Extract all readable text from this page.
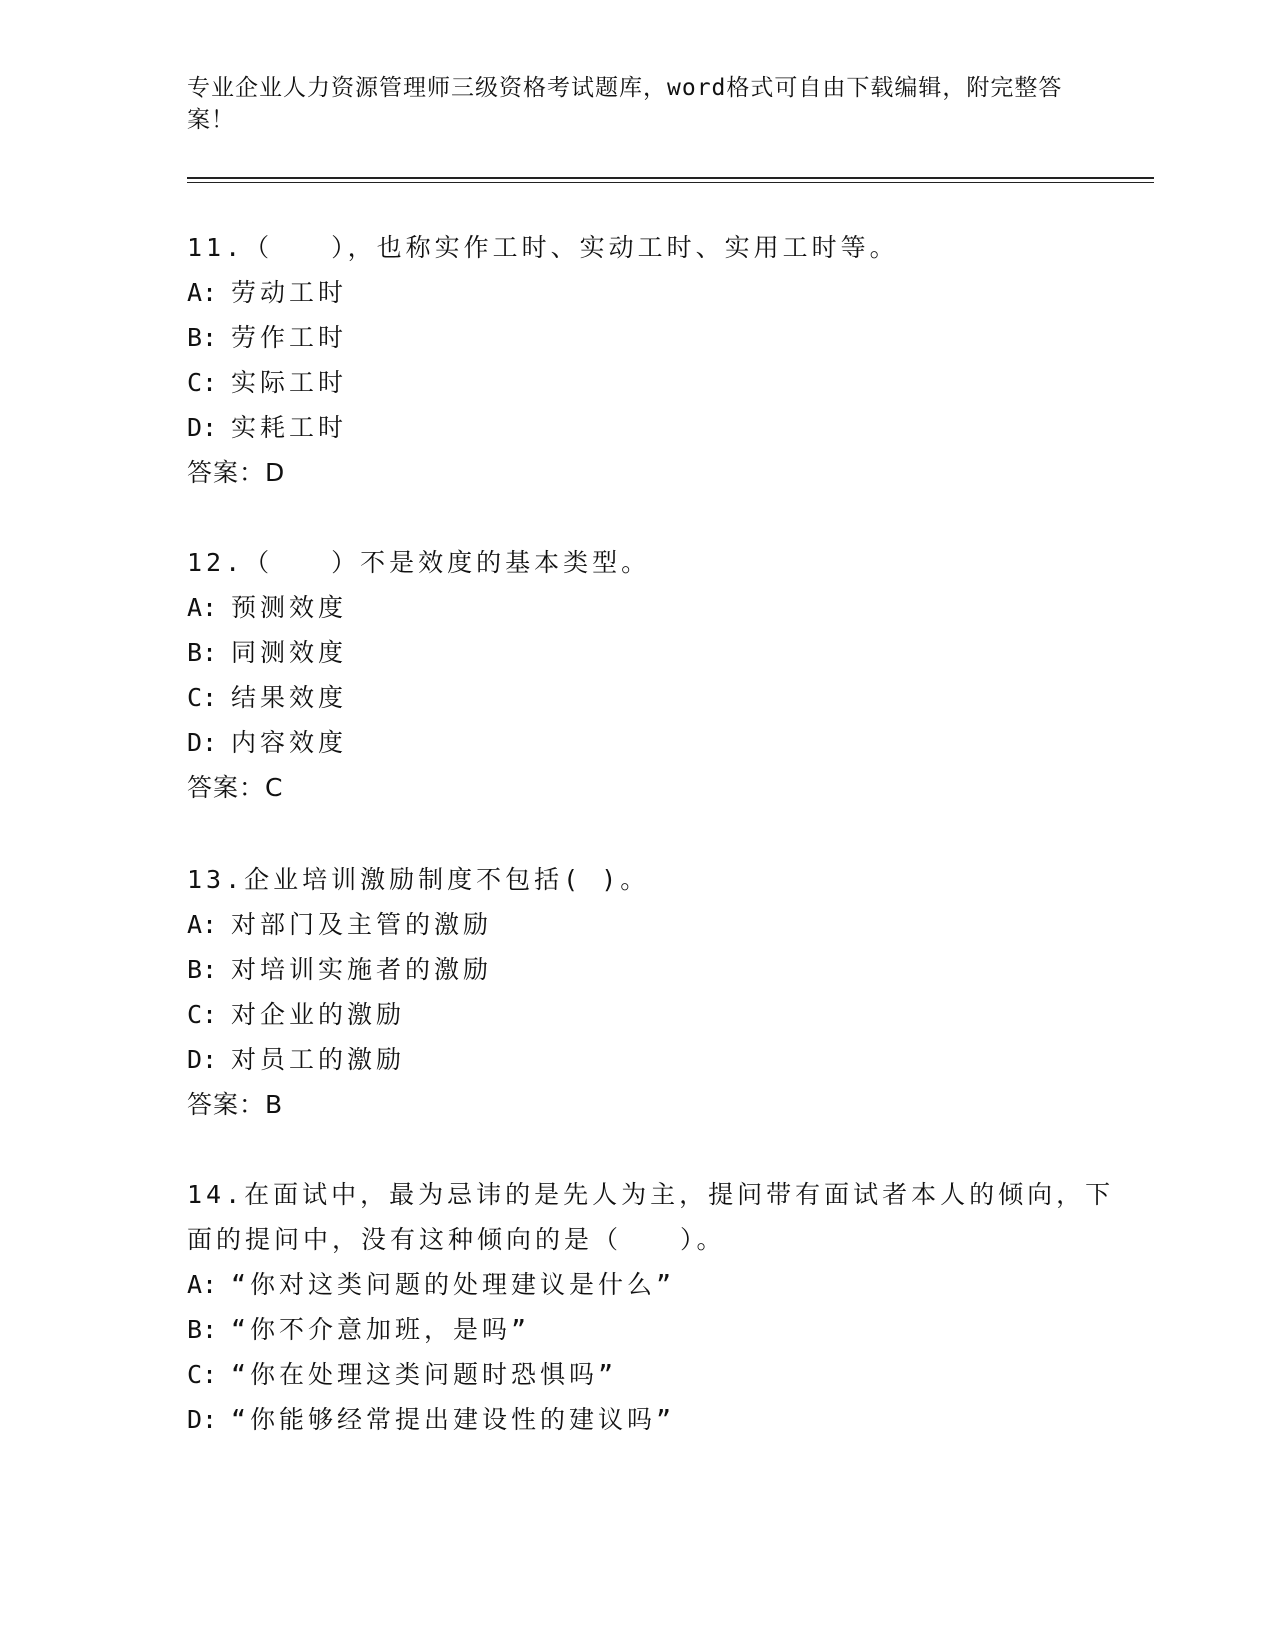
专业企业人力资源管理师三级资格考试题库，word格式可自由下载编辑，附完整答案！

11.（　　），也称实作工时、实动工时、实用工时等。

A: 劳动工时

B: 劳作工时

C: 实际工时

D: 实耗工时

答案：D

12.（　　）不是效度的基本类型。

A: 预测效度

B: 同测效度

C: 结果效度

D: 内容效度

答案：C

13.企业培训激励制度不包括( )。

A: 对部门及主管的激励

B: 对培训实施者的激励

C: 对企业的激励

D: 对员工的激励

答案：B

14.在面试中，最为忌讳的是先人为主，提问带有面试者本人的倾向，下面的提问中，没有这种倾向的是（　　）。

A: “你对这类问题的处理建议是什么”

B: “你不介意加班，是吗”

C: “你在处理这类问题时恐惧吗”

D: “你能够经常提出建设性的建议吗”
